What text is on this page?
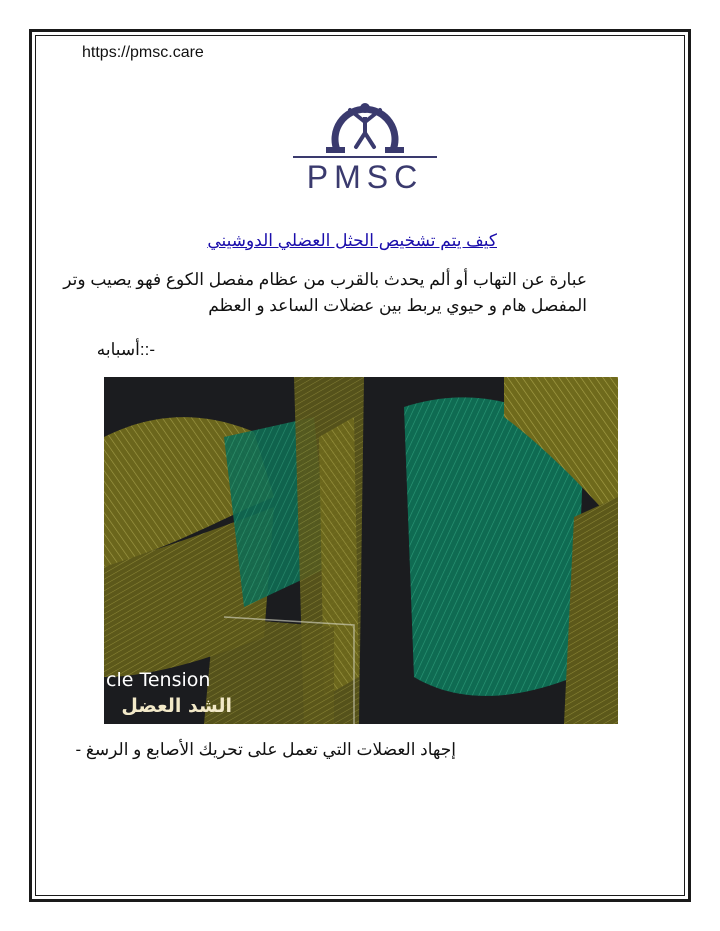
https://pmsc.care
PMSC
كيف يتم تشخيص الحثل العضلي الدوشيني
عبارة عن التهاب أو ألم يحدث بالقرب من عظام مفصل الكوع فهو يصيب وتر المفصل هام و حيوي يربط بين عضلات الساعد و العظم
-::أسبابه
cle Tension
الشد العضل
إجهاد العضلات التي تعمل على تحريك الأصابع و الرسغ -
